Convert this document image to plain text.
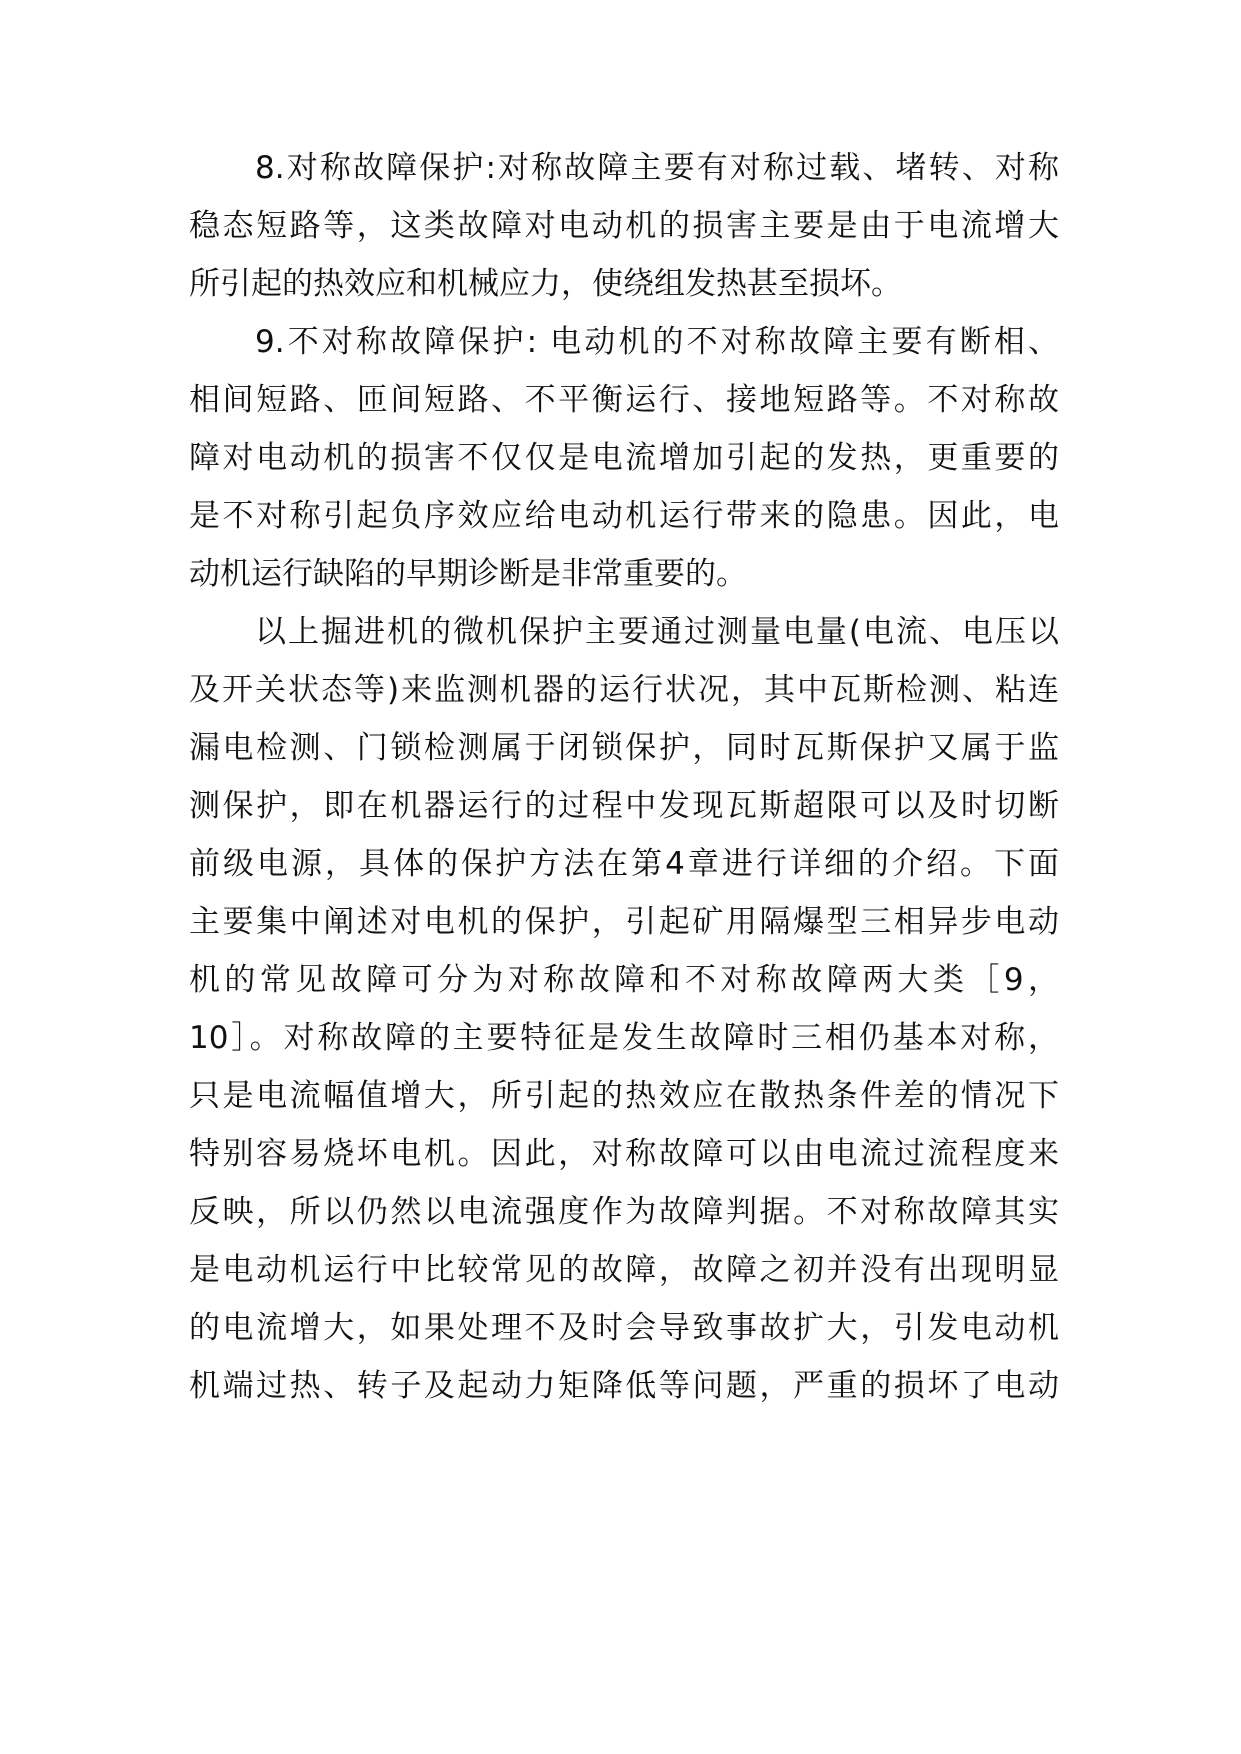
8.对称故障保护:对称故障主要有对称过载、堵转、对称
稳态短路等，这类故障对电动机的损害主要是由于电流增大
所引起的热效应和机械应力，使绕组发热甚至损坏。
9.不对称故障保护: 电动机的不对称故障主要有断相、
相间短路、匝间短路、不平衡运行、接地短路等。不对称故
障对电动机的损害不仅仅是电流增加引起的发热，更重要的
是不对称引起负序效应给电动机运行带来的隐患。因此，电
动机运行缺陷的早期诊断是非常重要的。
以上掘进机的微机保护主要通过测量电量(电流、电压以
及开关状态等)来监测机器的运行状况，其中瓦斯检测、粘连
漏电检测、门锁检测属于闭锁保护，同时瓦斯保护又属于监
测保护，即在机器运行的过程中发现瓦斯超限可以及时切断
前级电源，具体的保护方法在第4章进行详细的介绍。下面
主要集中阐述对电机的保护，引起矿用隔爆型三相异步电动
机的常见故障可分为对称故障和不对称故障两大类［9，
10］。对称故障的主要特征是发生故障时三相仍基本对称，
只是电流幅值增大，所引起的热效应在散热条件差的情况下
特别容易烧坏电机。因此，对称故障可以由电流过流程度来
反映，所以仍然以电流强度作为故障判据。不对称故障其实
是电动机运行中比较常见的故障，故障之初并没有出现明显
的电流增大，如果处理不及时会导致事故扩大，引发电动机
机端过热、转子及起动力矩降低等问题，严重的损坏了电动
